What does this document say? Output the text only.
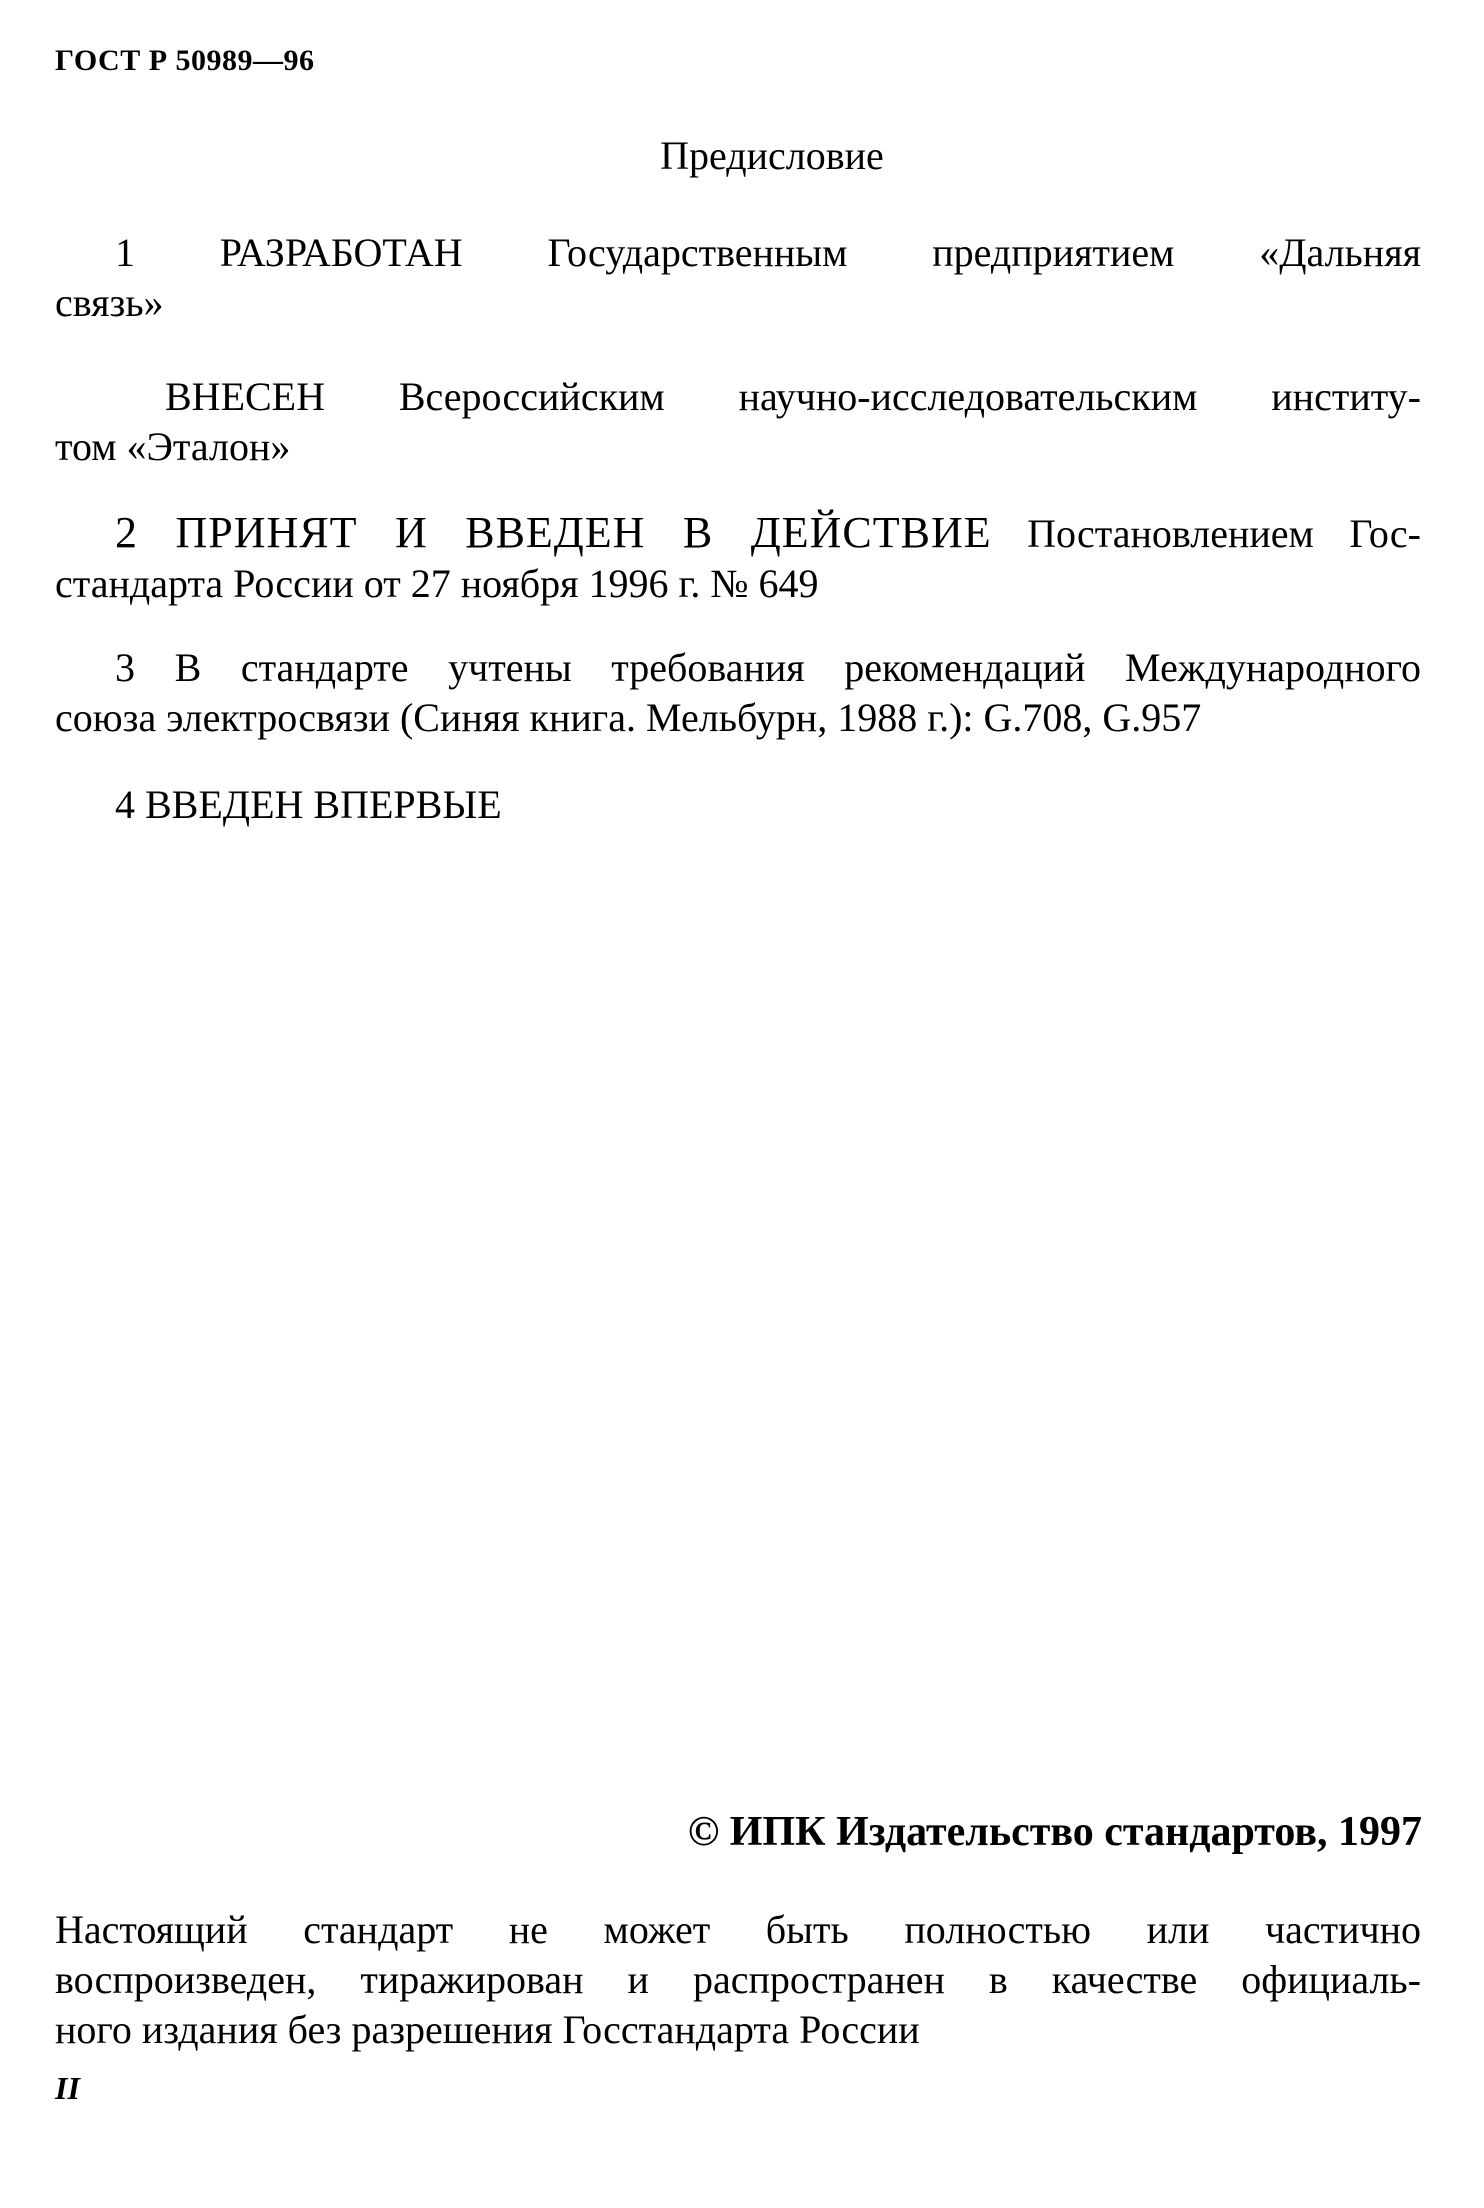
ГОСТ Р 50989—96
Предисловие
1 РАЗРАБОТАН Государственным предприятием «Дальняя
связь»
ВНЕСЕН Всероссийским научно-исследовательским институ-
том «Эталон»
2 ПРИНЯТ И ВВЕДЕН В ДЕЙСТВИЕ Постановлением Гос-
стандарта России от 27 ноября 1996 г. № 649
3 В стандарте учтены требования рекомендаций Международного
союза электросвязи (Синяя книга. Мельбурн, 1988 г.): G.708, G.957
4 ВВЕДЕН ВПЕРВЫЕ
© ИПК Издательство стандартов, 1997
Настоящий стандарт не может быть полностью или частично
воспроизведен, тиражирован и распространен в качестве официаль-
ного издания без разрешения Госстандарта России
II
